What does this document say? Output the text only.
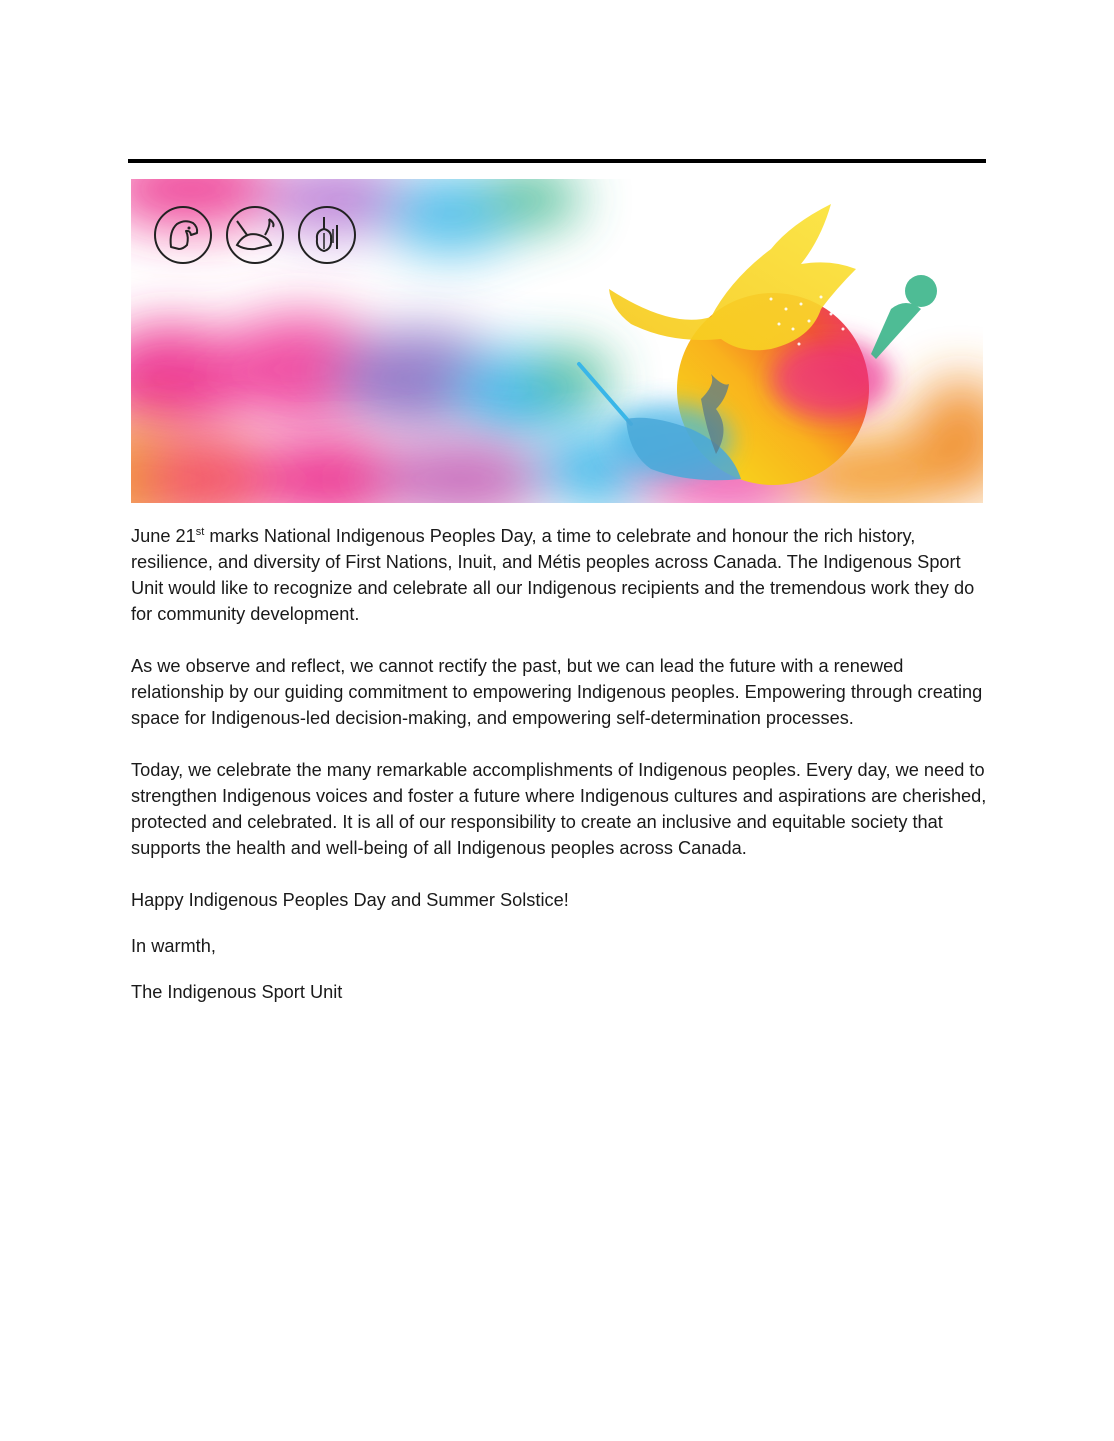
June 21st marks National Indigenous Peoples Day, a time to celebrate and honour the rich history, resilience, and diversity of First Nations, Inuit, and Métis peoples across Canada. The Indigenous Sport Unit would like to recognize and celebrate all our Indigenous recipients and the tremendous work they do for community development.

As we observe and reflect, we cannot rectify the past, but we can lead the future with a renewed relationship by our guiding commitment to empowering Indigenous peoples. Empowering through creating space for Indigenous-led decision-making, and empowering self-determination processes.

Today, we celebrate the many remarkable accomplishments of Indigenous peoples. Every day, we need to strengthen Indigenous voices and foster a future where Indigenous cultures and aspirations are cherished, protected and celebrated. It is all of our responsibility to create an inclusive and equitable society that supports the health and well-being of all Indigenous peoples across Canada.

Happy Indigenous Peoples Day and Summer Solstice!

In warmth,

The Indigenous Sport Unit
